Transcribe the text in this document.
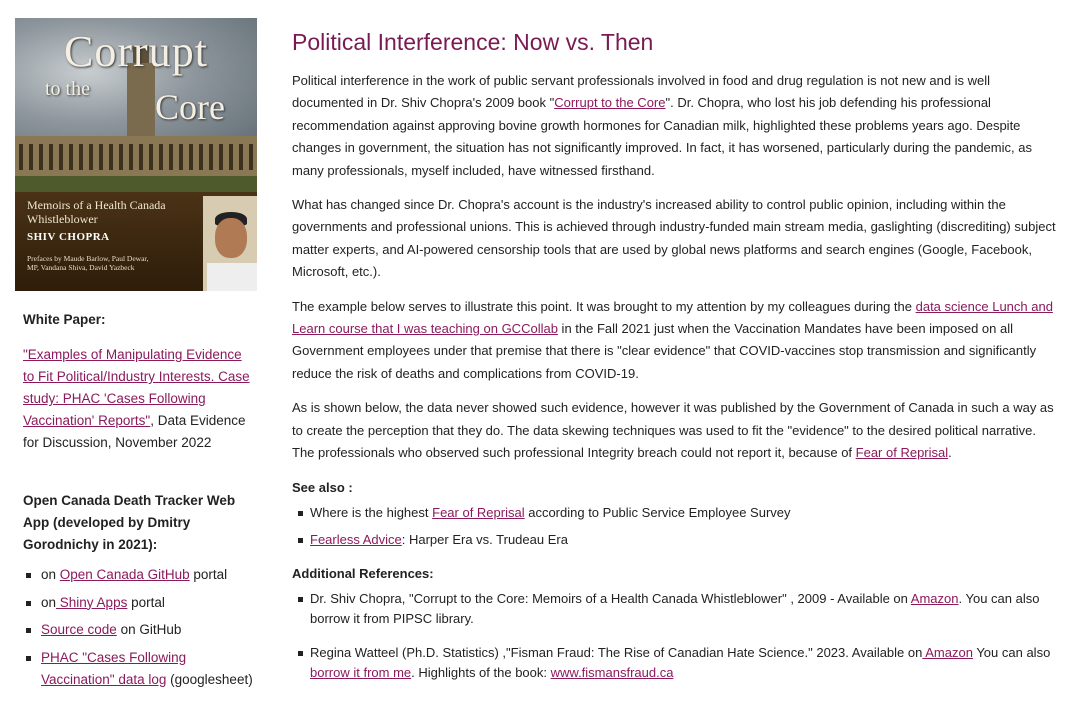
Corrupt
to the Core
Memoirs of a Health Canada Whistleblower
SHIV CHOPRA
Prefaces by Maude Barlow, Paul Dewar, MP, Vandana Shiva, David Yazbeck
White Paper:
"Examples of Manipulating Evidence to Fit Political/Industry Interests. Case study: PHAC 'Cases Following Vaccination' Reports", Data Evidence for Discussion, November 2022
Open Canada Death Tracker Web App (developed by Dmitry Gorodnichy in 2021):
on Open Canada GitHub portal
on Shiny Apps portal
Source code on GitHub
PHAC "Cases Following Vaccination" data log (googlesheet)
Political Interference: Now vs. Then

Political interference in the work of public servant professionals involved in food and drug regulation is not new and is well documented in Dr. Shiv Chopra's 2009 book "Corrupt to the Core". Dr. Chopra, who lost his job defending his professional recommendation against approving bovine growth hormones for Canadian milk, highlighted these problems years ago. Despite changes in government, the situation has not significantly improved. In fact, it has worsened, particularly during the pandemic, as many professionals, myself included, have witnessed firsthand.

What has changed since Dr. Chopra's account is the industry's increased ability to control public opinion, including within the governments and professional unions. This is achieved through industry-funded main stream media, gaslighting (discrediting) subject matter experts, and AI-powered censorship tools that are used by global news platforms and search engines (Google, Facebook, Microsoft, etc.).

The example below serves to illustrate this point. It was brought to my attention by my colleagues during the data science Lunch and Learn course that I was teaching on GCCollab in the Fall 2021 just when the Vaccination Mandates have been imposed on all Government employees under that premise that there is "clear evidence" that COVID-vaccines stop transmission and significantly reduce the risk of deaths and complications from COVID-19.

As is shown below, the data never showed such evidence, however it was published by the Government of Canada in such a way as to create the perception that they do. The data skewing techniques was used to fit the "evidence" to the desired political narrative. The professionals who observed such professional Integrity breach could not report it, because of Fear of Reprisal.

See also :
Where is the highest Fear of Reprisal according to Public Service Employee Survey
Fearless Advice: Harper Era vs. Trudeau Era
Additional References:
Dr. Shiv Chopra, "Corrupt to the Core: Memoirs of a Health Canada Whistleblower" , 2009 - Available on Amazon. You can also borrow it from PIPSC library.
Regina Watteel (Ph.D. Statistics) ,"Fisman Fraud: The Rise of Canadian Hate Science." 2023. Available on Amazon You can also borrow it from me. Highlights of the book: www.fismansfraud.ca
